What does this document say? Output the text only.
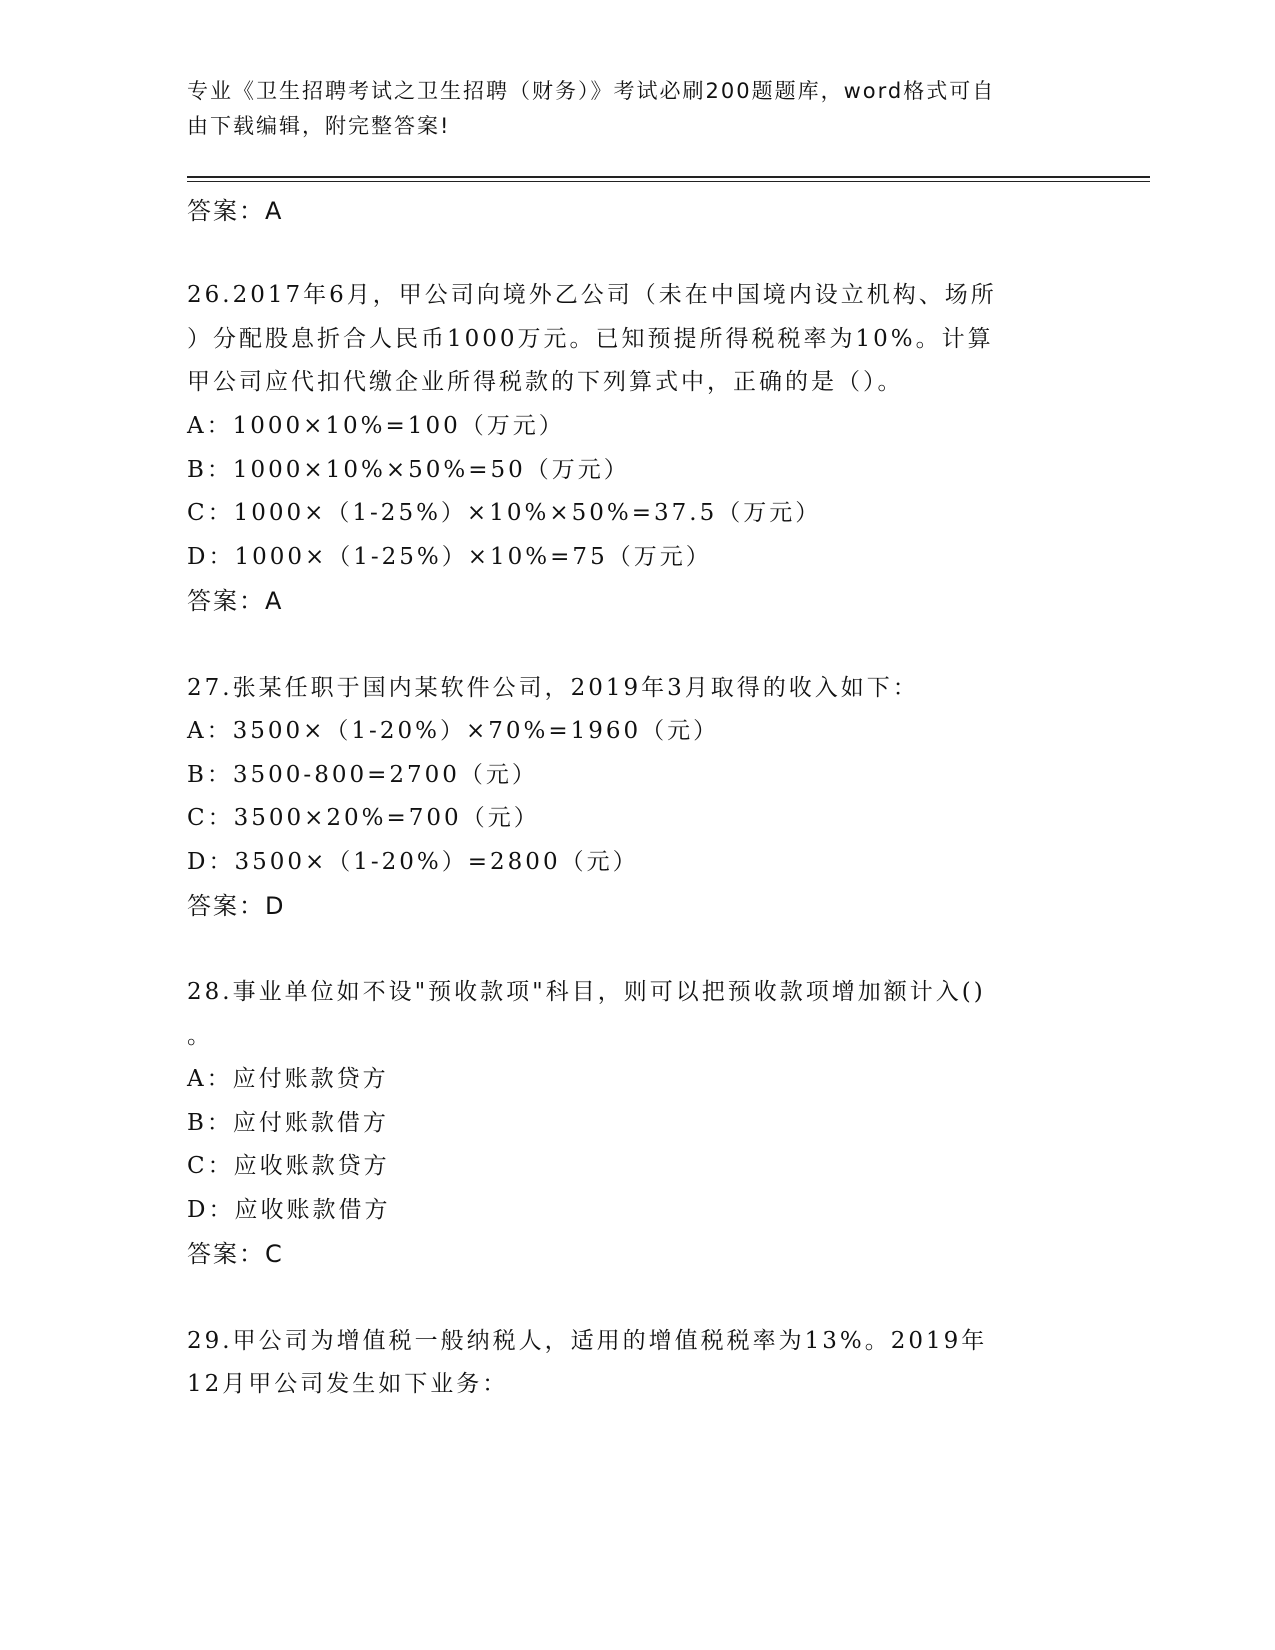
专业《卫生招聘考试之卫生招聘（财务）》考试必刷200题题库，word格式可自
由下载编辑，附完整答案!
答案：A
26.2017年6月，甲公司向境外乙公司（未在中国境内设立机构、场所
）分配股息折合人民币1000万元。已知预提所得税税率为10%。计算
甲公司应代扣代缴企业所得税款的下列算式中，正确的是（）。
A：1000×10%=100（万元）
B：1000×10%×50%=50（万元）
C：1000×（1-25%）×10%×50%=37.5（万元）
D：1000×（1-25%）×10%=75（万元）
答案：A
27.张某任职于国内某软件公司，2019年3月取得的收入如下：
A：3500×（1-20%）×70%=1960（元）
B：3500-800=2700（元）
C：3500×20%=700（元）
D：3500×（1-20%）=2800（元）
答案：D
28.事业单位如不设"预收款项"科目，则可以把预收款项增加额计入()
。
A：应付账款贷方
B：应付账款借方
C：应收账款贷方
D：应收账款借方
答案：C
29.甲公司为增值税一般纳税人，适用的增值税税率为13%。2019年
12月甲公司发生如下业务：
